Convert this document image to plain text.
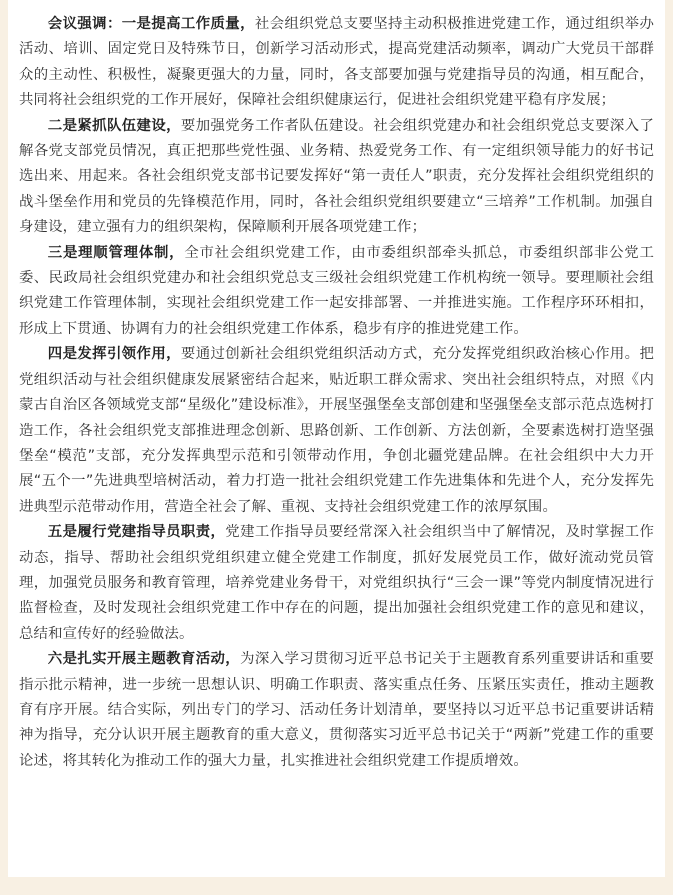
会议强调：一是提高工作质量，社会组织党总支要坚持主动积极推进党建工作，通过组织举办活动、培训、固定党日及特殊节日，创新学习活动形式，提高党建活动频率，调动广大党员干部群众的主动性、积极性，凝聚更强大的力量，同时，各支部要加强与党建指导员的沟通，相互配合，共同将社会组织党的工作开展好，保障社会组织健康运行，促进社会组织党建平稳有序发展；

二是紧抓队伍建设，要加强党务工作者队伍建设。社会组织党建办和社会组织党总支要深入了解各党支部党员情况，真正把那些党性强、业务精、热爱党务工作、有一定组织领导能力的好书记选出来、用起来。各社会组织党支部书记要发挥好“第一责任人”职责，充分发挥社会组织党组织的战斗堡垒作用和党员的先锋模范作用，同时，各社会组织党组织要建立“三培养”工作机制。加强自身建设，建立强有力的组织架构，保障顺利开展各项党建工作；

三是理顺管理体制，全市社会组织党建工作，由市委组织部牵头抓总，市委组织部非公党工委、民政局社会组织党建办和社会组织党总支三级社会组织党建工作机构统一领导。要理顺社会组织党建工作管理体制，实现社会组织党建工作一起安排部署、一并推进实施。工作程序环环相扣，形成上下贯通、协调有力的社会组织党建工作体系，稳步有序的推进党建工作。

四是发挥引领作用，要通过创新社会组织党组织活动方式，充分发挥党组织政治核心作用。把党组织活动与社会组织健康发展紧密结合起来，贴近职工群众需求、突出社会组织特点，对照《内蒙古自治区各领域党支部“星级化”建设标准》，开展坚强堡垒支部创建和坚强堡垒支部示范点选树打造工作，各社会组织党支部推进理念创新、思路创新、工作创新、方法创新，全要素选树打造坚强堡垒“模范”支部，充分发挥典型示范和引领带动作用，争创北疆党建品牌。在社会组织中大力开展“五个一”先进典型培树活动，着力打造一批社会组织党建工作先进集体和先进个人，充分发挥先进典型示范带动作用，营造全社会了解、重视、支持社会组织党建工作的浓厚氛围。

五是履行党建指导员职责，党建工作指导员要经常深入社会组织当中了解情况，及时掌握工作动态，指导、帮助社会组织党组织建立健全党建工作制度，抓好发展党员工作，做好流动党员管理，加强党员服务和教育管理，培养党建业务骨干，对党组织执行“三会一课”等党内制度情况进行监督检查，及时发现社会组织党建工作中存在的问题，提出加强社会组织党建工作的意见和建议，总结和宣传好的经验做法。

六是扎实开展主题教育活动，为深入学习贯彻习近平总书记关于主题教育系列重要讲话和重要指示批示精神，进一步统一思想认识、明确工作职责、落实重点任务、压紧压实责任，推动主题教育有序开展。结合实际，列出专门的学习、活动任务计划清单，要坚持以习近平总书记重要讲话精神为指导，充分认识开展主题教育的重大意义，贯彻落实习近平总书记关于“两新”党建工作的重要论述，将其转化为推动工作的强大力量，扎实推进社会组织党建工作提质增效。
